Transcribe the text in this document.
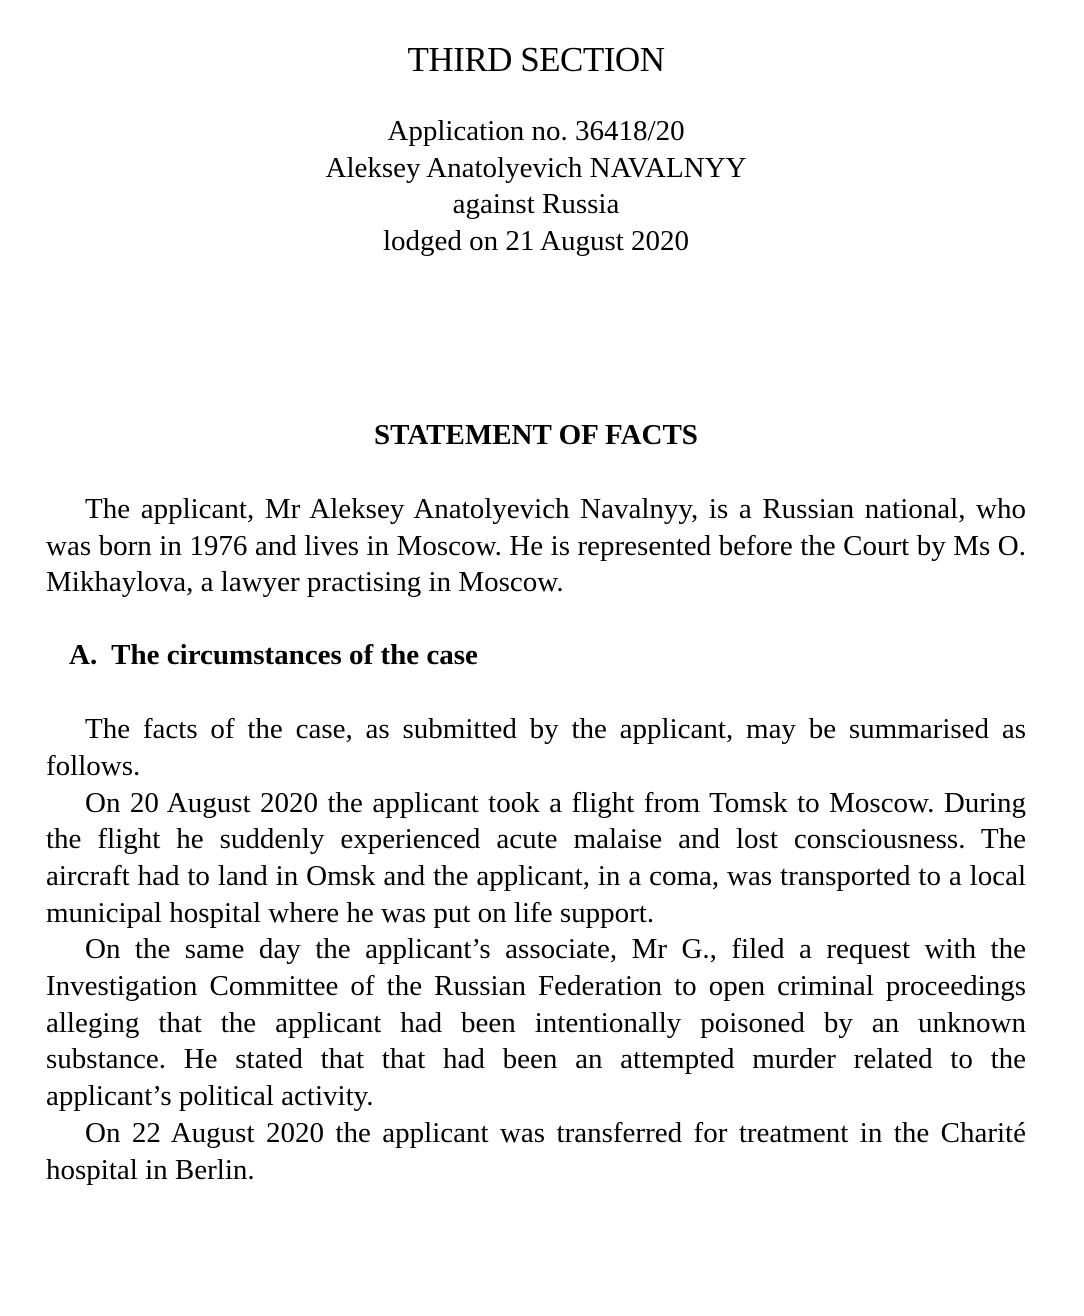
THIRD SECTION
Application no. 36418/20
Aleksey Anatolyevich NAVALNYY
against Russia
lodged on 21 August 2020
STATEMENT OF FACTS

The applicant, Mr Aleksey Anatolyevich Navalnyy, is a Russian national, who was born in 1976 and lives in Moscow. He is represented before the Court by Ms O. Mikhaylova, a lawyer practising in Moscow.

A.  The circumstances of the case

The facts of the case, as submitted by the applicant, may be summarised as follows.

On 20 August 2020 the applicant took a flight from Tomsk to Moscow. During the flight he suddenly experienced acute malaise and lost consciousness. The aircraft had to land in Omsk and the applicant, in a coma, was transported to a local municipal hospital where he was put on life support.

On the same day the applicant’s associate, Mr G., filed a request with the Investigation Committee of the Russian Federation to open criminal proceedings alleging that the applicant had been intentionally poisoned by an unknown substance. He stated that that had been an attempted murder related to the applicant’s political activity.

On 22 August 2020 the applicant was transferred for treatment in the Charité hospital in Berlin.
